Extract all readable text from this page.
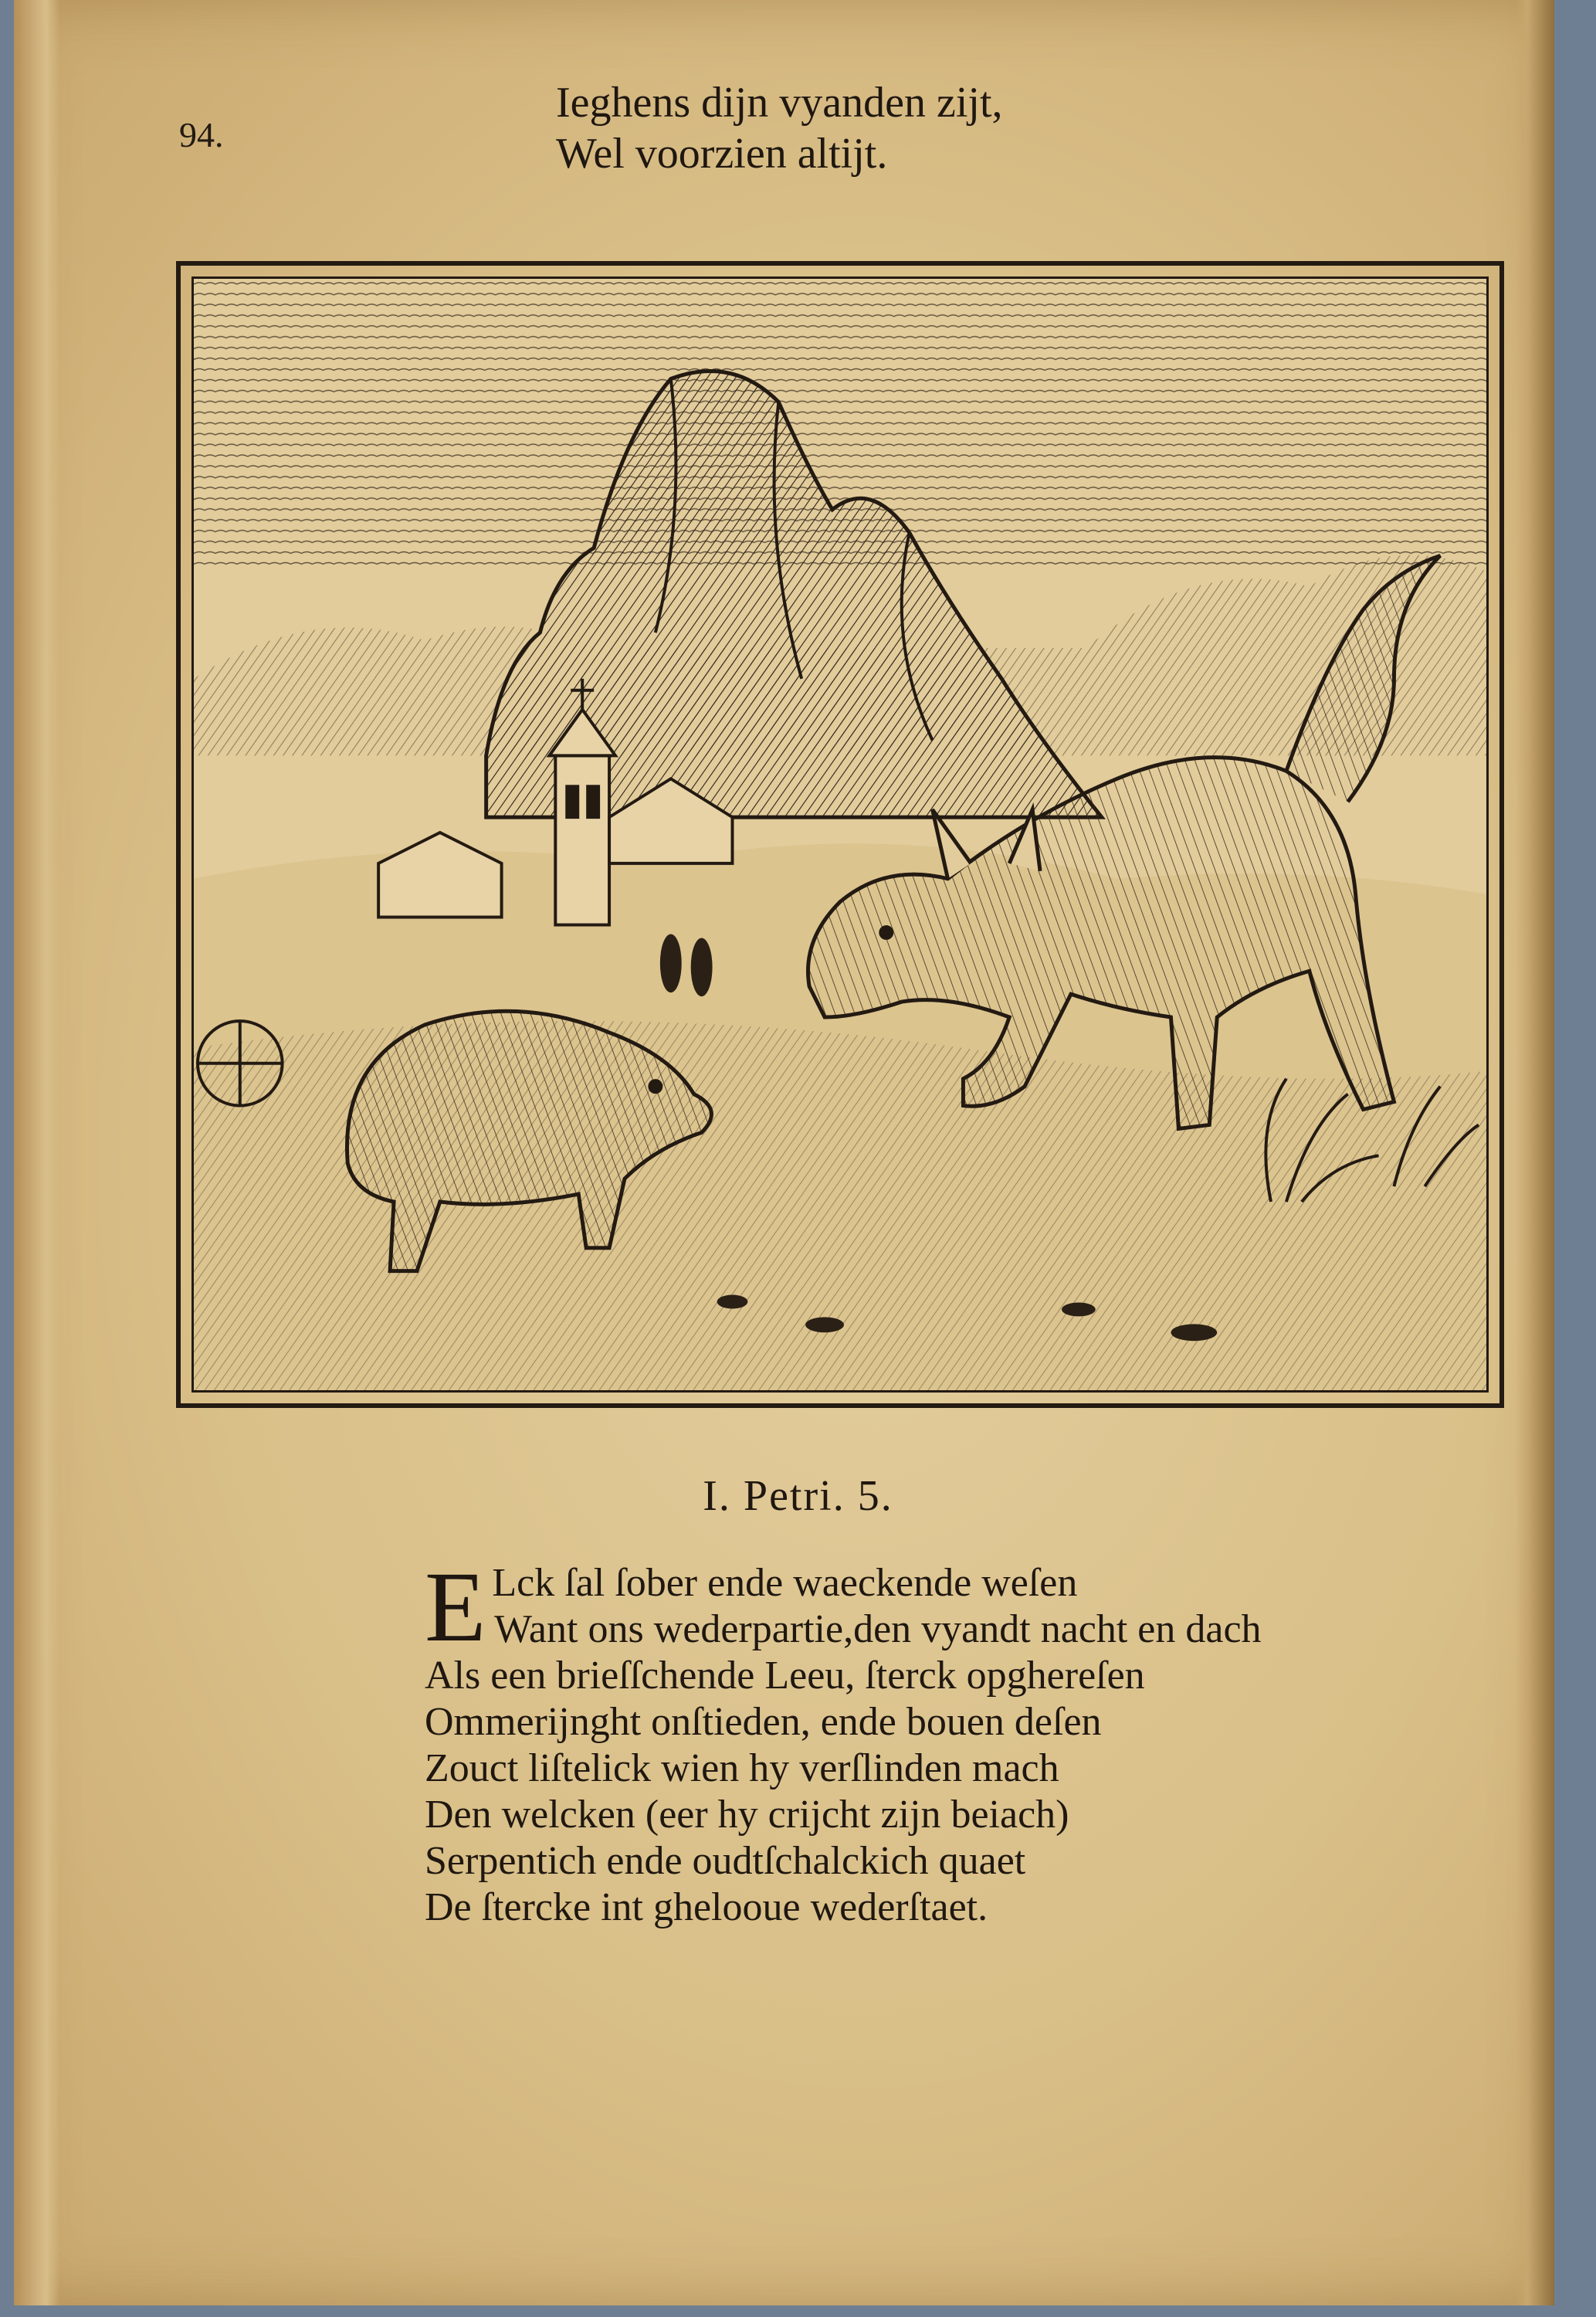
94.
Ieghens dijn vyanden zijt,
Wel voorzien altijt.
I. Petri. 5.
E Lck ſal ſober ende waeckende weſen
Want ons wederpartie,den vyandt nacht en dach
Als een brieſſchende Leeu, ſterck opghereſen
Ommerijnght onſtieden, ende bouen deſen
Zouct liſtelick wien hy verſlinden mach
Den welcken (eer hy crijcht zijn beiach)
Serpentich ende oudtſchalckich quaet
De ſtercke int ghelooue wederſtaet.
